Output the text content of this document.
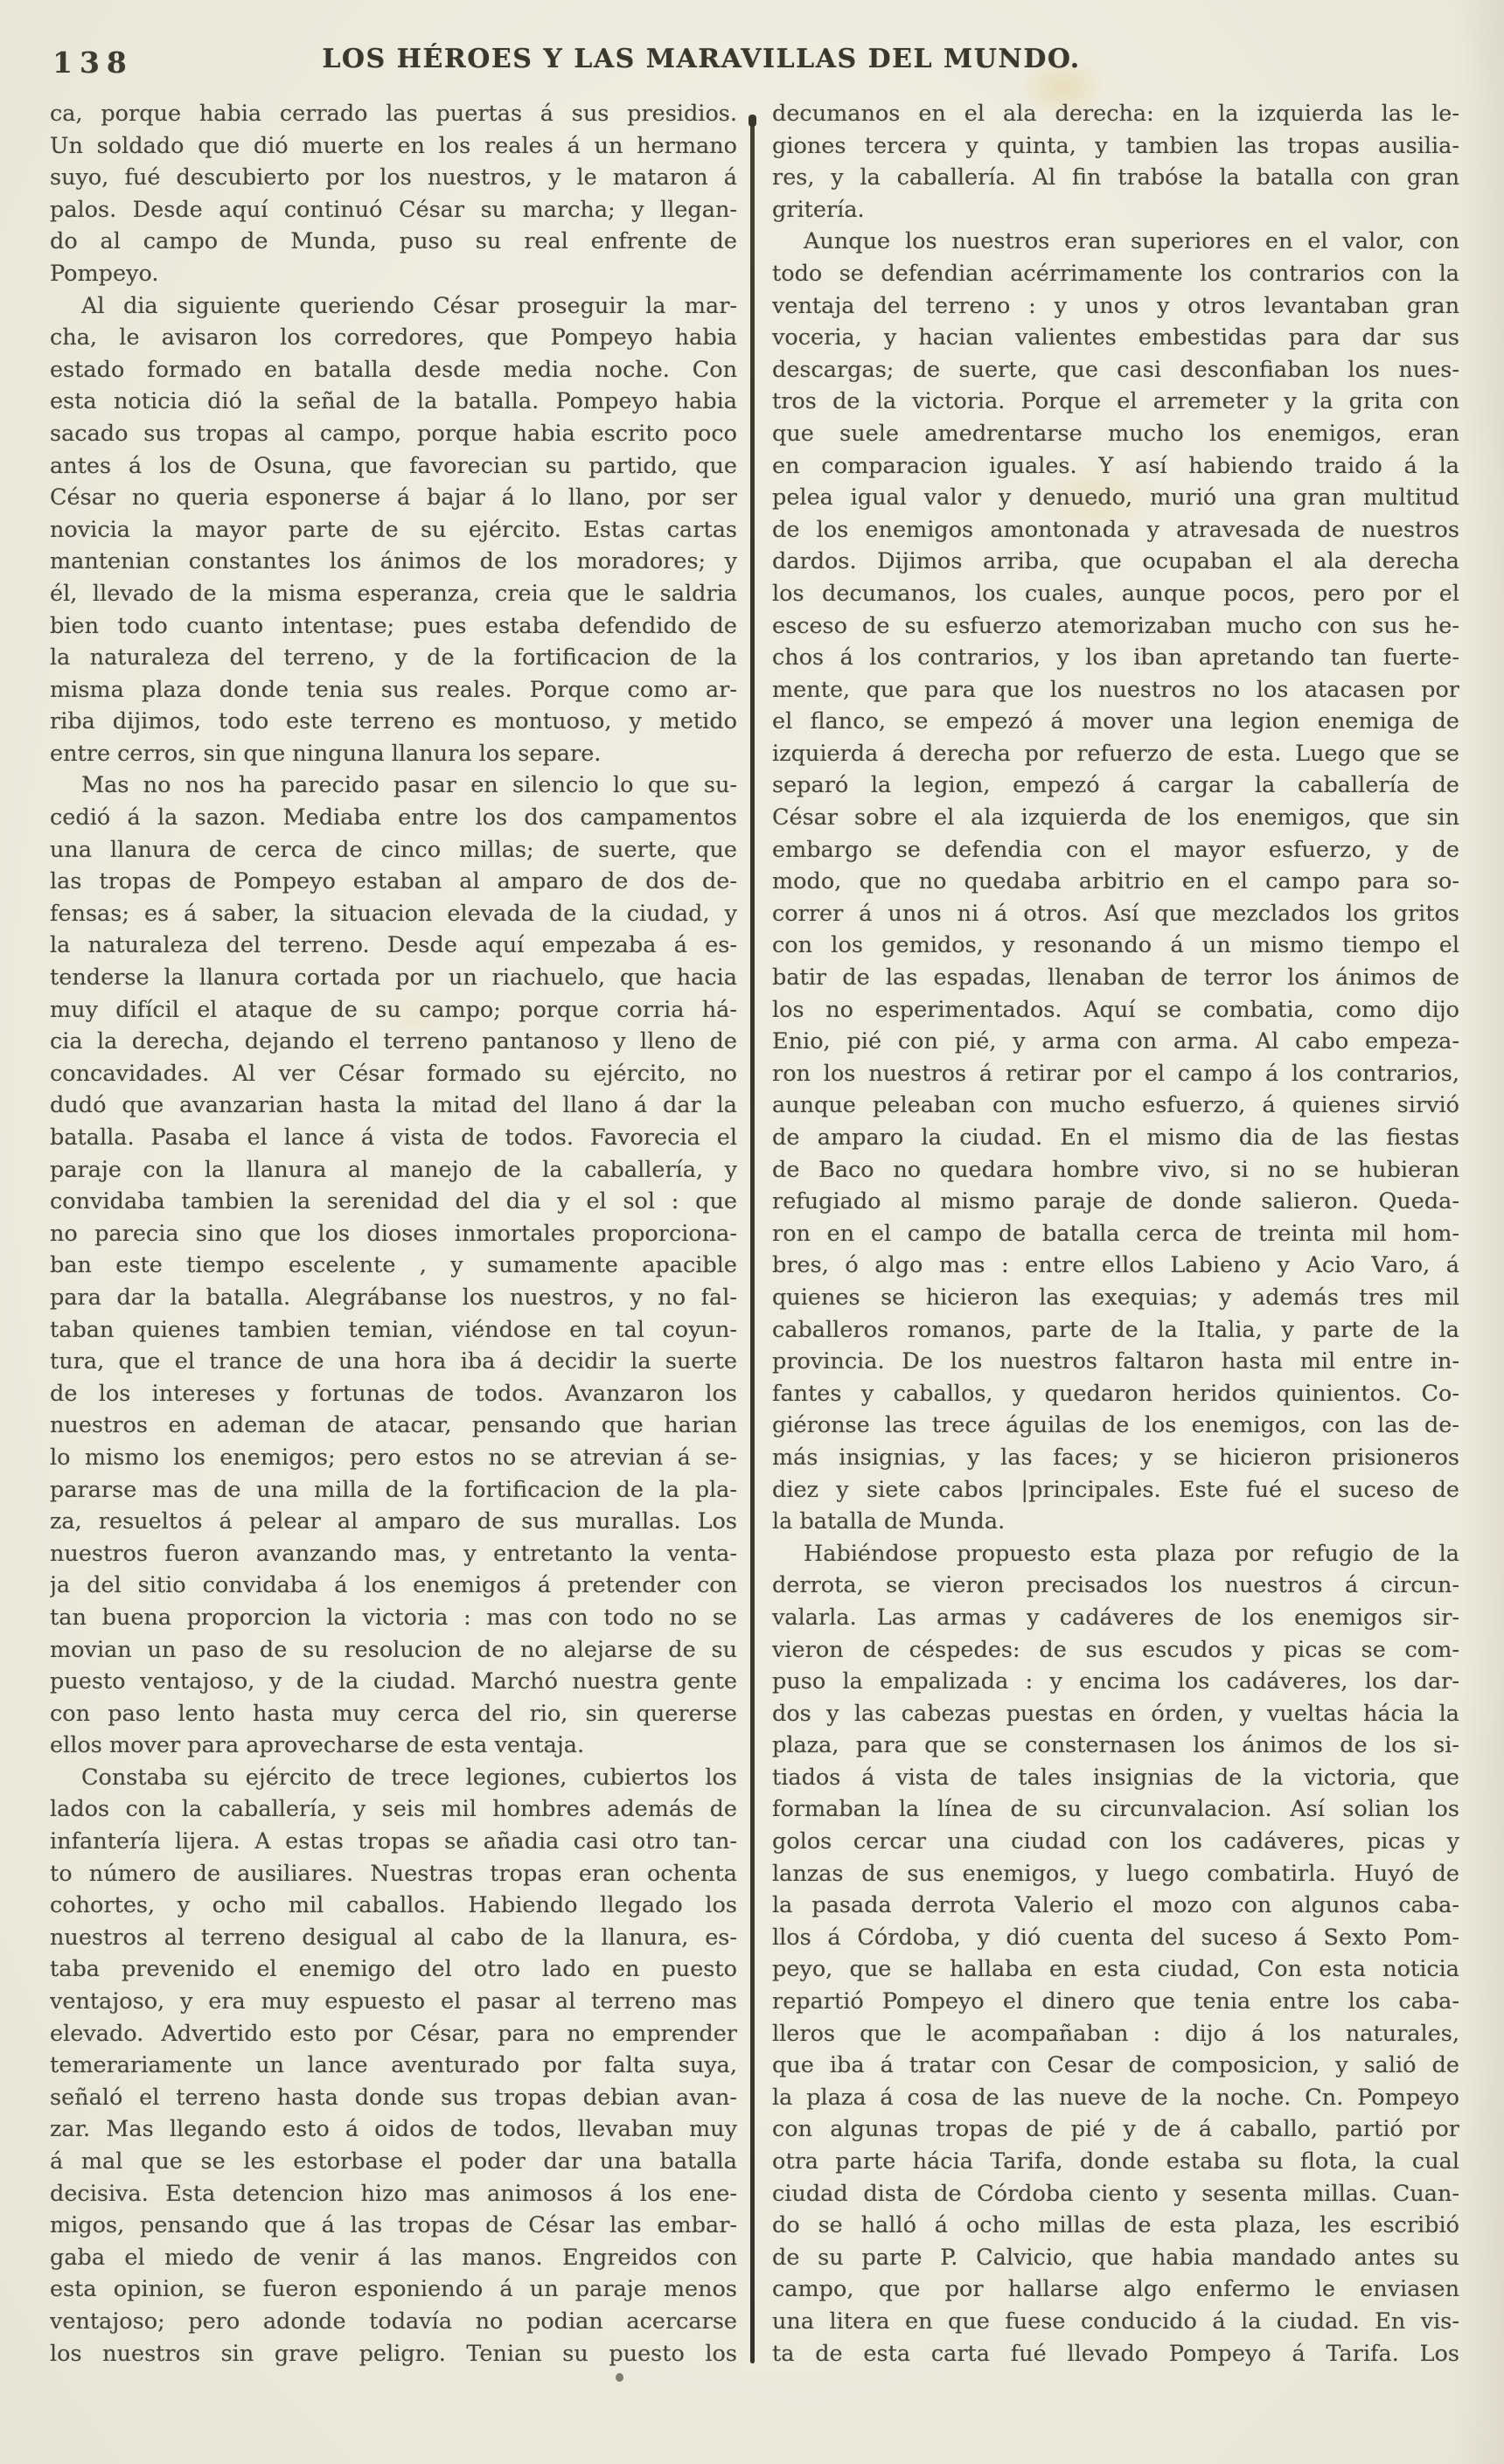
138	LOS HÉROES Y LAS MARAVILLAS DEL MUNDO.
ca, porque habia cerrado las puertas á sus presidios.
Un soldado que dió muerte en los reales á un hermano
suyo, fué descubierto por los nuestros, y le mataron á
palos. Desde aquí continuó César su marcha; y llegan-
do al campo de Munda, puso su real enfrente de
Pompeyo.
Al dia siguiente queriendo César proseguir la mar-
cha, le avisaron los corredores, que Pompeyo habia
estado formado en batalla desde media noche. Con
esta noticia dió la señal de la batalla. Pompeyo habia
sacado sus tropas al campo, porque habia escrito poco
antes á los de Osuna, que favorecian su partido, que
César no queria esponerse á bajar á lo llano, por ser
novicia la mayor parte de su ejército. Estas cartas
mantenian constantes los ánimos de los moradores; y
él, llevado de la misma esperanza, creia que le saldria
bien todo cuanto intentase; pues estaba defendido de
la naturaleza del terreno, y de la fortificacion de la
misma plaza donde tenia sus reales. Porque como ar-
riba dijimos, todo este terreno es montuoso, y metido
entre cerros, sin que ninguna llanura los separe.
Mas no nos ha parecido pasar en silencio lo que su-
cedió á la sazon. Mediaba entre los dos campamentos
una llanura de cerca de cinco millas; de suerte, que
las tropas de Pompeyo estaban al amparo de dos de-
fensas; es á saber, la situacion elevada de la ciudad, y
la naturaleza del terreno. Desde aquí empezaba á es-
tenderse la llanura cortada por un riachuelo, que hacia
muy difícil el ataque de su campo; porque corria há-
cia la derecha, dejando el terreno pantanoso y lleno de
concavidades. Al ver César formado su ejército, no
dudó que avanzarian hasta la mitad del llano á dar la
batalla. Pasaba el lance á vista de todos. Favorecia el
paraje con la llanura al manejo de la caballería, y
convidaba tambien la serenidad del dia y el sol : que
no parecia sino que los dioses inmortales proporciona-
ban este tiempo escelente , y sumamente apacible
para dar la batalla. Alegrábanse los nuestros, y no fal-
taban quienes tambien temian, viéndose en tal coyun-
tura, que el trance de una hora iba á decidir la suerte
de los intereses y fortunas de todos. Avanzaron los
nuestros en ademan de atacar, pensando que harian
lo mismo los enemigos; pero estos no se atrevian á se-
pararse mas de una milla de la fortificacion de la pla-
za, resueltos á pelear al amparo de sus murallas. Los
nuestros fueron avanzando mas, y entretanto la venta-
ja del sitio convidaba á los enemigos á pretender con
tan buena proporcion la victoria : mas con todo no se
movian un paso de su resolucion de no alejarse de su
puesto ventajoso, y de la ciudad. Marchó nuestra gente
con paso lento hasta muy cerca del rio, sin quererse
ellos mover para aprovecharse de esta ventaja.
Constaba su ejército de trece legiones, cubiertos los
lados con la caballería, y seis mil hombres además de
infantería lijera. A estas tropas se añadia casi otro tan-
to número de ausiliares. Nuestras tropas eran ochenta
cohortes, y ocho mil caballos. Habiendo llegado los
nuestros al terreno desigual al cabo de la llanura, es-
taba prevenido el enemigo del otro lado en puesto
ventajoso, y era muy espuesto el pasar al terreno mas
elevado. Advertido esto por César, para no emprender
temerariamente un lance aventurado por falta suya,
señaló el terreno hasta donde sus tropas debian avan-
zar. Mas llegando esto á oidos de todos, llevaban muy
á mal que se les estorbase el poder dar una batalla
decisiva. Esta detencion hizo mas animosos á los ene-
migos, pensando que á las tropas de César las embar-
gaba el miedo de venir á las manos. Engreidos con
esta opinion, se fueron esponiendo á un paraje menos
ventajoso; pero adonde todavía no podian acercarse
los nuestros sin grave peligro. Tenian su puesto los
decumanos en el ala derecha: en la izquierda las le-
giones tercera y quinta, y tambien las tropas ausilia-
res, y la caballería. Al fin trabóse la batalla con gran
gritería.
Aunque los nuestros eran superiores en el valor, con
todo se defendian acérrimamente los contrarios con la
ventaja del terreno : y unos y otros levantaban gran
voceria, y hacian valientes embestidas para dar sus
descargas; de suerte, que casi desconfiaban los nues-
tros de la victoria. Porque el arremeter y la grita con
que suele amedrentarse mucho los enemigos, eran
en comparacion iguales. Y así habiendo traido á la
pelea igual valor y denuedo, murió una gran multitud
de los enemigos amontonada y atravesada de nuestros
dardos. Dijimos arriba, que ocupaban el ala derecha
los decumanos, los cuales, aunque pocos, pero por el
esceso de su esfuerzo atemorizaban mucho con sus he-
chos á los contrarios, y los iban apretando tan fuerte-
mente, que para que los nuestros no los atacasen por
el flanco, se empezó á mover una legion enemiga de
izquierda á derecha por refuerzo de esta. Luego que se
separó la legion, empezó á cargar la caballería de
César sobre el ala izquierda de los enemigos, que sin
embargo se defendia con el mayor esfuerzo, y de
modo, que no quedaba arbitrio en el campo para so-
correr á unos ni á otros. Así que mezclados los gritos
con los gemidos, y resonando á un mismo tiempo el
batir de las espadas, llenaban de terror los ánimos de
los no esperimentados. Aquí se combatia, como dijo
Enio, pié con pié, y arma con arma. Al cabo empeza-
ron los nuestros á retirar por el campo á los contrarios,
aunque peleaban con mucho esfuerzo, á quienes sirvió
de amparo la ciudad. En el mismo dia de las fiestas
de Baco no quedara hombre vivo, si no se hubieran
refugiado al mismo paraje de donde salieron. Queda-
ron en el campo de batalla cerca de treinta mil hom-
bres, ó algo mas : entre ellos Labieno y Acio Varo, á
quienes se hicieron las exequias; y además tres mil
caballeros romanos, parte de la Italia, y parte de la
provincia. De los nuestros faltaron hasta mil entre in-
fantes y caballos, y quedaron heridos quinientos. Co-
giéronse las trece águilas de los enemigos, con las de-
más insignias, y las faces; y se hicieron prisioneros
diez y siete cabos |principales. Este fué el suceso de
la batalla de Munda.
Habiéndose propuesto esta plaza por refugio de la
derrota, se vieron precisados los nuestros á circun-
valarla. Las armas y cadáveres de los enemigos sir-
vieron de céspedes: de sus escudos y picas se com-
puso la empalizada : y encima los cadáveres, los dar-
dos y las cabezas puestas en órden, y vueltas hácia la
plaza, para que se consternasen los ánimos de los si-
tiados á vista de tales insignias de la victoria, que
formaban la línea de su circunvalacion. Así solian los
golos cercar una ciudad con los cadáveres, picas y
lanzas de sus enemigos, y luego combatirla. Huyó de
la pasada derrota Valerio el mozo con algunos caba-
llos á Córdoba, y dió cuenta del suceso á Sexto Pom-
peyo, que se hallaba en esta ciudad, Con esta noticia
repartió Pompeyo el dinero que tenia entre los caba-
lleros que le acompañaban : dijo á los naturales,
que iba á tratar con Cesar de composicion, y salió de
la plaza á cosa de las nueve de la noche. Cn. Pompeyo
con algunas tropas de pié y de á caballo, partió por
otra parte hácia Tarifa, donde estaba su flota, la cual
ciudad dista de Córdoba ciento y sesenta millas. Cuan-
do se halló á ocho millas de esta plaza, les escribió
de su parte P. Calvicio, que habia mandado antes su
campo, que por hallarse algo enfermo le enviasen
una litera en que fuese conducido á la ciudad. En vis-
ta de esta carta fué llevado Pompeyo á Tarifa. Los
